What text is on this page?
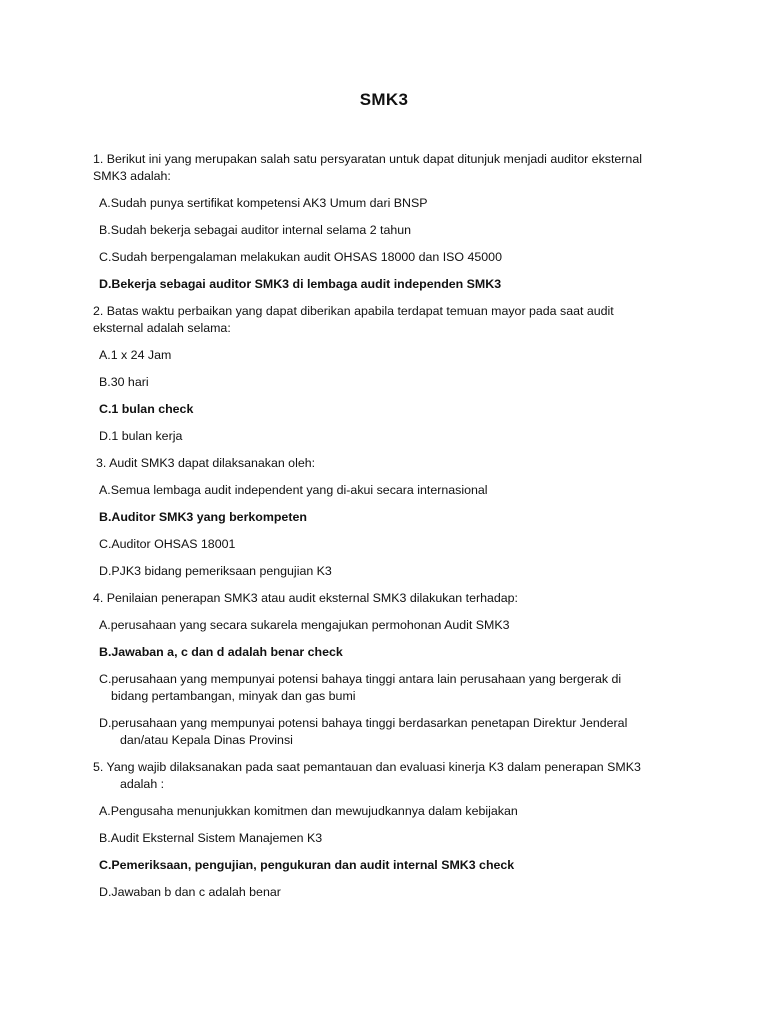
SMK3
1. Berikut ini yang merupakan salah satu persyaratan untuk dapat ditunjuk menjadi auditor eksternal
SMK3 adalah:
A.Sudah punya sertifikat kompetensi AK3 Umum dari BNSP
B.Sudah bekerja sebagai auditor internal selama 2 tahun
C.Sudah berpengalaman melakukan audit OHSAS 18000 dan ISO 45000
D.Bekerja sebagai auditor SMK3 di lembaga audit independen SMK3
2. Batas waktu perbaikan yang dapat diberikan apabila terdapat temuan mayor pada saat audit
eksternal adalah selama:
A.1 x 24 Jam
B.30 hari
C.1 bulan check
D.1 bulan kerja
3. Audit SMK3 dapat dilaksanakan oleh:
A.Semua lembaga audit independent yang di-akui secara internasional
B.Auditor SMK3 yang berkompeten
C.Auditor OHSAS 18001
D.PJK3 bidang pemeriksaan pengujian K3
4. Penilaian penerapan SMK3 atau audit eksternal SMK3 dilakukan terhadap:
A.perusahaan yang secara sukarela mengajukan permohonan Audit SMK3
B.Jawaban a, c dan d adalah benar check
C.perusahaan yang mempunyai potensi bahaya tinggi antara lain perusahaan yang bergerak di
bidang pertambangan, minyak dan gas bumi
D.perusahaan yang mempunyai potensi bahaya tinggi berdasarkan penetapan Direktur Jenderal
dan/atau Kepala Dinas Provinsi
5. Yang wajib dilaksanakan pada saat pemantauan dan evaluasi kinerja K3 dalam penerapan SMK3
adalah :
A.Pengusaha menunjukkan komitmen dan mewujudkannya dalam kebijakan
B.Audit Eksternal Sistem Manajemen K3
C.Pemeriksaan, pengujian, pengukuran dan audit internal SMK3 check
D.Jawaban b dan c adalah benar
